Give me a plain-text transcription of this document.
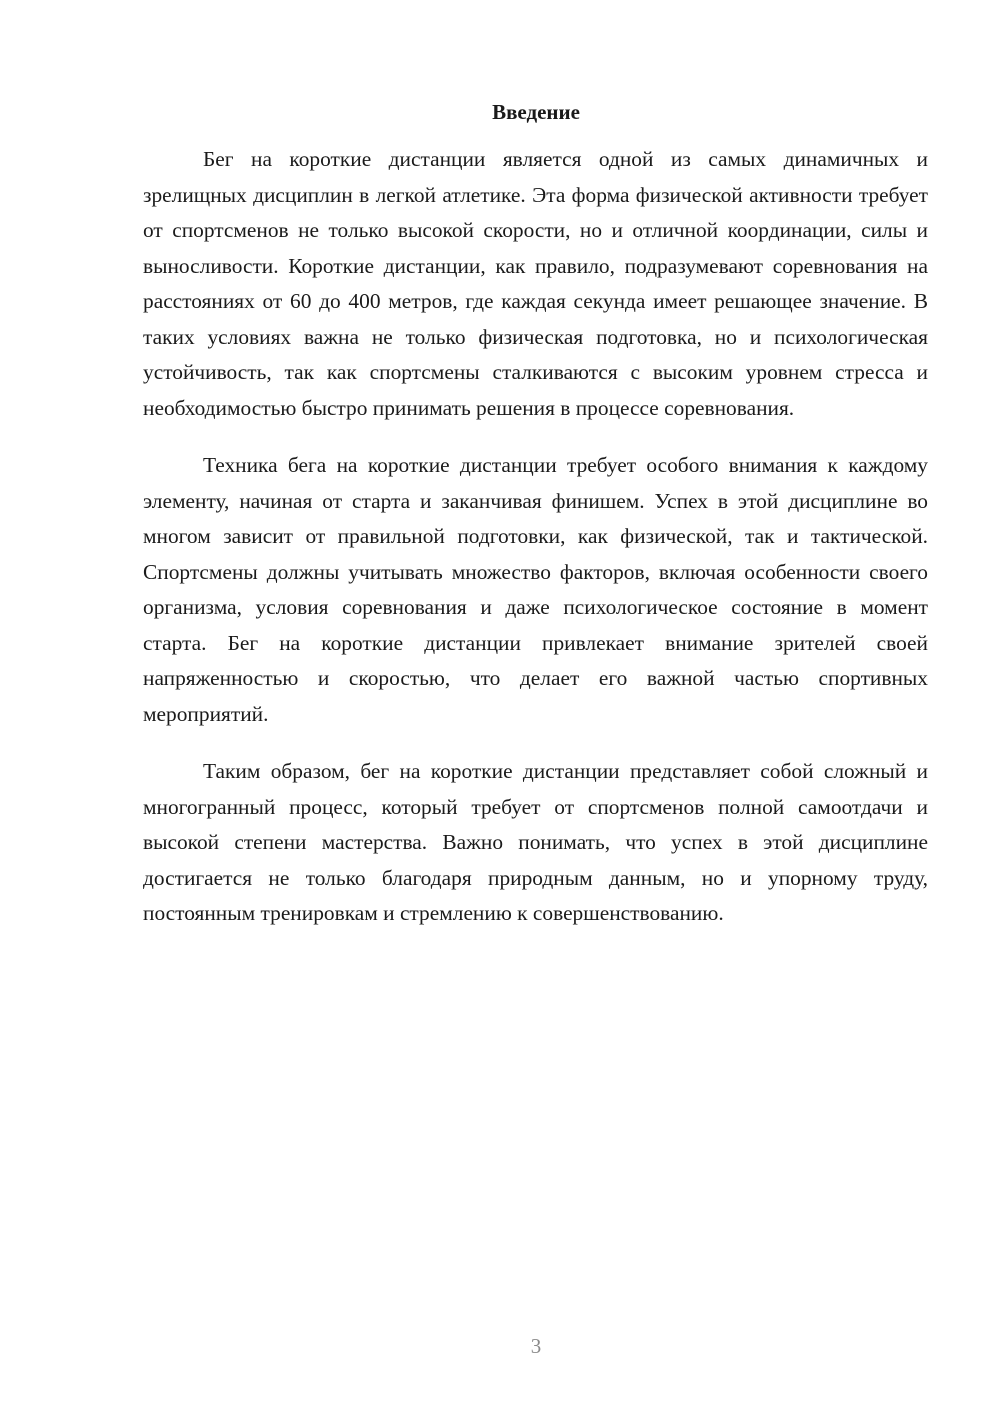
Введение

Бег на короткие дистанции является одной из самых динамичных и зрелищных дисциплин в легкой атлетике. Эта форма физической активности требует от спортсменов не только высокой скорости, но и отличной координации, силы и выносливости. Короткие дистанции, как правило, подразумевают соревнования на расстояниях от 60 до 400 метров, где каждая секунда имеет решающее значение. В таких условиях важна не только физическая подготовка, но и психологическая устойчивость, так как спортсмены сталкиваются с высоким уровнем стресса и необходимостью быстро принимать решения в процессе соревнования.

Техника бега на короткие дистанции требует особого внимания к каждому элементу, начиная от старта и заканчивая финишем. Успех в этой дисциплине во многом зависит от правильной подготовки, как физической, так и тактической. Спортсмены должны учитывать множество факторов, включая особенности своего организма, условия соревнования и даже психологическое состояние в момент старта. Бег на короткие дистанции привлекает внимание зрителей своей напряженностью и скоростью, что делает его важной частью спортивных мероприятий.

Таким образом, бег на короткие дистанции представляет собой сложный и многогранный процесс, который требует от спортсменов полной самоотдачи и высокой степени мастерства. Важно понимать, что успех в этой дисциплине достигается не только благодаря природным данным, но и упорному труду, постоянным тренировкам и стремлению к совершенствованию.

3
